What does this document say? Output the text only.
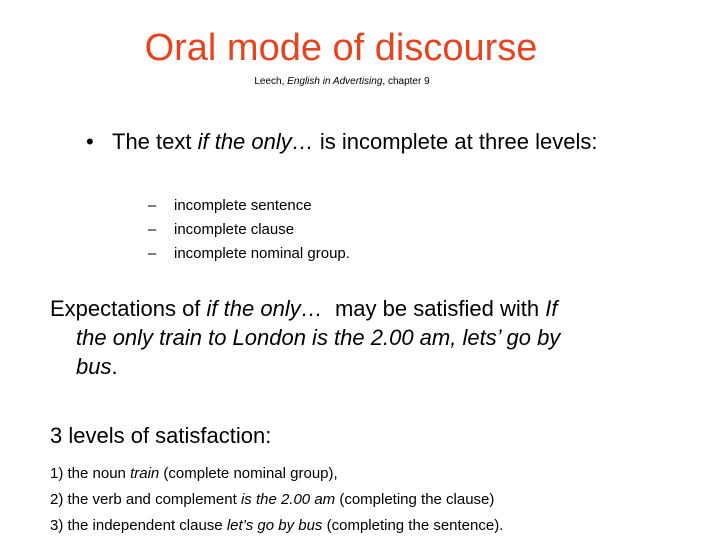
Oral mode of discourse
Leech, English in Advertising, chapter 9
• The text if the only… is incomplete at three levels:
– incomplete sentence
– incomplete clause
– incomplete nominal group.
Expectations of if the only…  may be satisfied with If
the only train to London is the 2.00 am, lets’ go by
bus.
3 levels of satisfaction:
1) the noun train (complete nominal group),
2) the verb and complement is the 2.00 am (completing the clause)
3) the independent clause let’s go by bus (completing the sentence).
